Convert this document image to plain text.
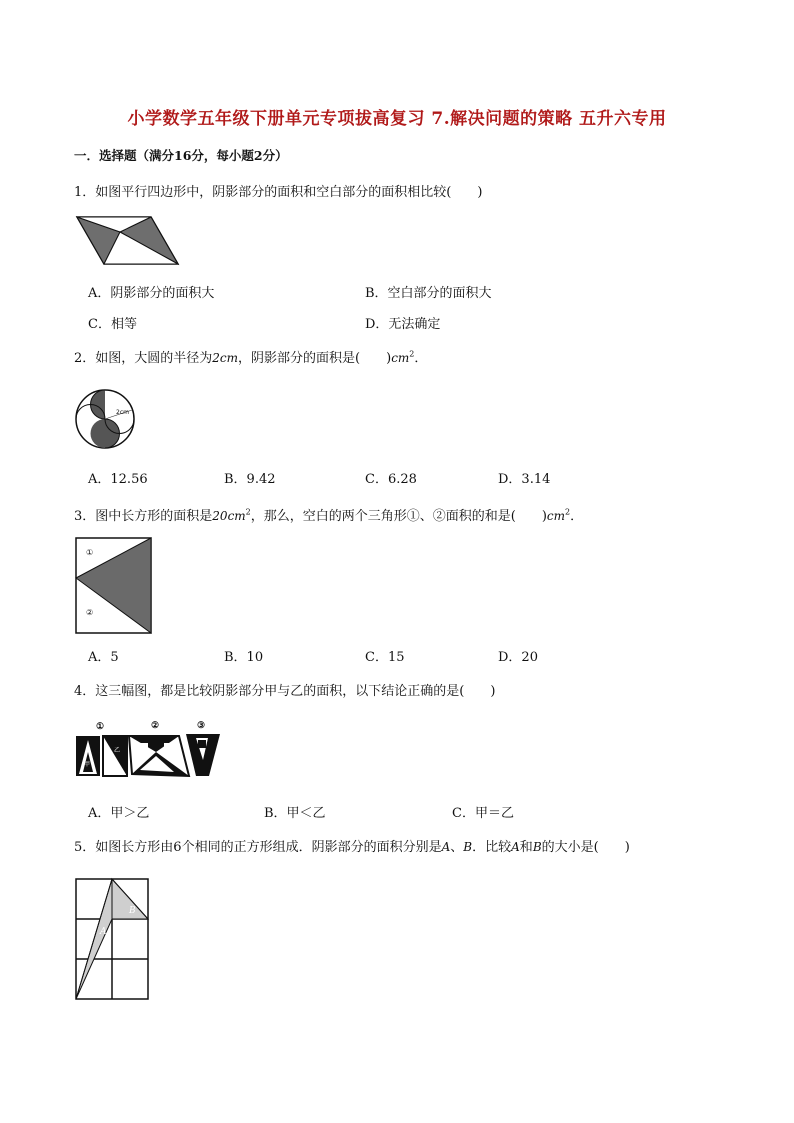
小学数学五年级下册单元专项拔高复习 7.解决问题的策略 五升六专用
一．选择题（满分16分，每小题2分）
1．如图平行四边形中，阴影部分的面积和空白部分的面积相比较(　　)
A．阴影部分的面积大	B．空白部分的面积大
C．相等	D．无法确定
2．如图，大圆的半径为2cm，阴影部分的面积是(　　)$cm^2$．
2cm
A．12.56	B．9.42	C．6.28	D．3.14
3．图中长方形的面积是$20cm^2$，那么，空白的两个三角形①、②面积的和是(　　)$cm^2$．
①
②
A．5	B．10	C．15	D．20
4．这三幅图，都是比较阴影部分甲与乙的面积，以下结论正确的是(　　)
①	②	③
甲
乙
A．甲＞乙	B．甲＜乙	C．甲＝乙
5．如图长方形由6个相同的正方形组成．阴影部分的面积分别是A、B．比较A和B的大小是(　　)
A
B
